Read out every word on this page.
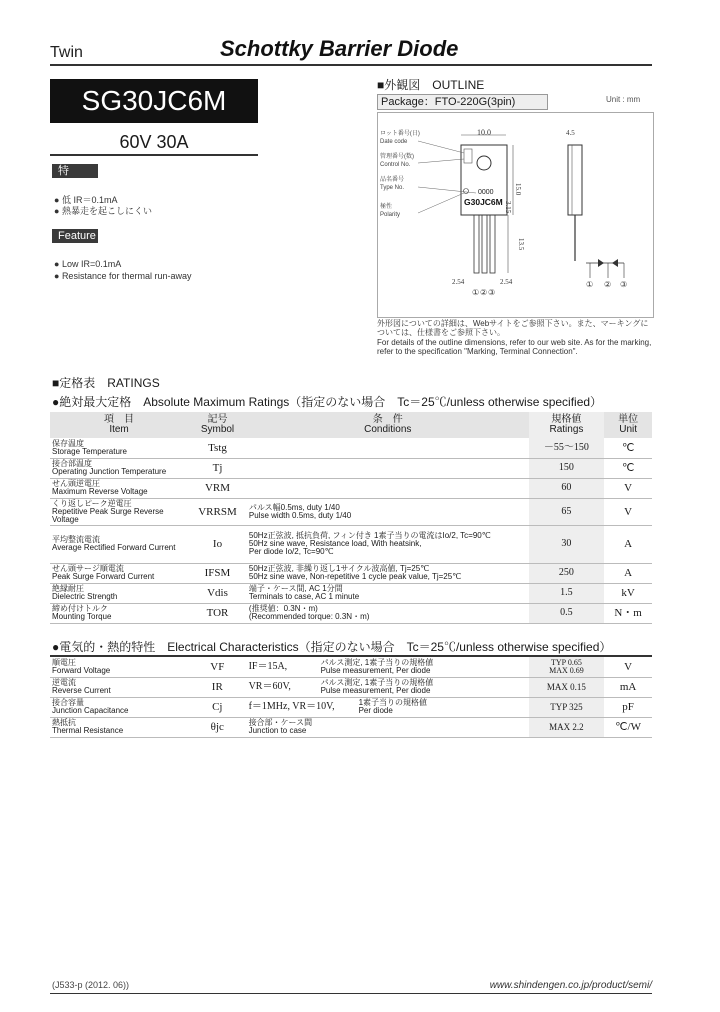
Twin	Schottky Barrier Diode
SG30JC6M
60V 30A
特 長
● 低 IR＝0.1mA
● 熱暴走を起こしにくい
Feature
● Low IR=0.1mA
● Resistance for thermal run-away
■外観図　OUTLINE
Package：FTO-220G(3pin)	Unit : mm
10.0
0000
G30JC6M
15.0
3.15
13.5
2.54	2.54
① ② ③
ロット番号(日)
Date code
管理番号(数)
Control No.
品名番号
Type No.
極性
Polarity
4.5
① ② ③
外形図についての詳細は、Webサイトをご参照下さい。また、マーキングについては、仕様書をご参照下さい。
For details of the outline dimensions, refer to our web site. As for the marking, refer to the specification "Marking, Terminal Connection".
■定格表　RATINGS
●絶対最大定格　Absolute Maximum Ratings（指定のない場合　Tc＝25℃/unless otherwise specified）
項　目
Item	記号
Symbol	条　件
Conditions	規格値
Ratings	単位
Unit

保存温度
Storage Temperature	Tstg		－55～150	℃

接合部温度
Operating Junction Temperature	Tj		150	℃

せん頭逆電圧
Maximum Reverse Voltage	VRM		60	V

くり返しピーク逆電圧
Repetitive Peak Surge Reverse Voltage	VRRSM	パルス幅0.5ms, duty 1/40
Pulse width 0.5ms, duty 1/40	65	V

平均整流電流
Average Rectified Forward Current	Io	50Hz正弦波, 抵抗負荷, フィン付き 1素子当りの電流はIo/2, Tc=90℃
50Hz sine wave, Resistance load, With heatsink,
Per diode Io/2, Tc=90℃	30	A

せん頭サージ順電流
Peak Surge Forward Current	IFSM	50Hz正弦波, 非繰り返し1サイクル波高値, Tj=25℃
50Hz sine wave, Non-repetitive 1 cycle peak value, Tj=25℃	250	A

絶縁耐圧
Dielectric Strength	Vdis	端子・ケース間, AC 1分間
Terminals to case, AC 1 minute	1.5	kV

締め付けトルク
Mounting Torque	TOR	(推奨値：0.3N・m)
(Recommended torque: 0.3N・m)	0.5	N・m
●電気的・熱的特性　Electrical Characteristics（指定のない場合　Tc＝25℃/unless otherwise specified）
順電圧
Forward Voltage	VF	IF＝15A, パルス測定, 1素子当りの規格値
Pulse measurement, Per diode	TYP 0.65
MAX 0.69	V

逆電流
Reverse Current	IR	VR＝60V, パルス測定, 1素子当りの規格値
Pulse measurement, Per diode	MAX 0.15	mA

接合容量
Junction Capacitance	Cj	f＝1MHz, VR＝10V, 1素子当りの規格値
Per diode	TYP 325	pF

熱抵抗
Thermal Resistance	θjc	接合部・ケース間
Junction to case	MAX 2.2	℃/W
(J533-p (2012. 06))	www.shindengen.co.jp/product/semi/
